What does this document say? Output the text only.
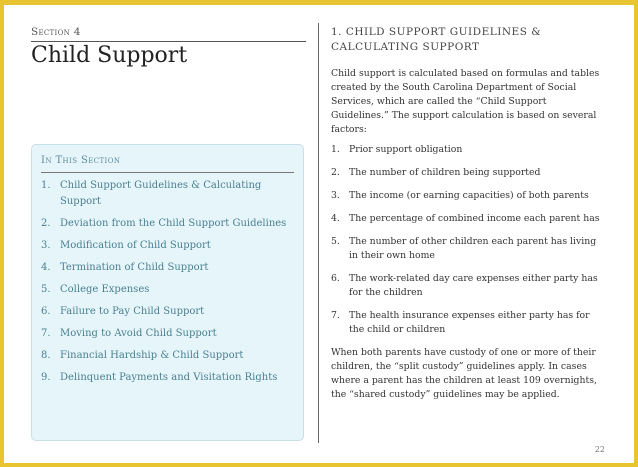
Section 4
Child Support
In This Section
1. Child Support Guidelines & Calculating Support
2. Deviation from the Child Support Guidelines
3. Modification of Child Support
4. Termination of Child Support
5. College Expenses
6. Failure to Pay Child Support
7. Moving to Avoid Child Support
8. Financial Hardship & Child Support
9. Delinquent Payments and Visitation Rights
1. CHILD SUPPORT GUIDELINES & CALCULATING SUPPORT

Child support is calculated based on formulas and tables created by the South Carolina Department of Social Services, which are called the “Child Support Guidelines.” The support calculation is based on several factors:

1. Prior support obligation
2. The number of children being supported
3. The income (or earning capacities) of both parents
4. The percentage of combined income each parent has
5. The number of other children each parent has living in their own home
6. The work-related day care expenses either party has for the children
7. The health insurance expenses either party has for the child or children

When both parents have custody of one or more of their children, the “split custody” guidelines apply. In cases where a parent has the children at least 109 overnights, the “shared custody” guidelines may be applied.

22
